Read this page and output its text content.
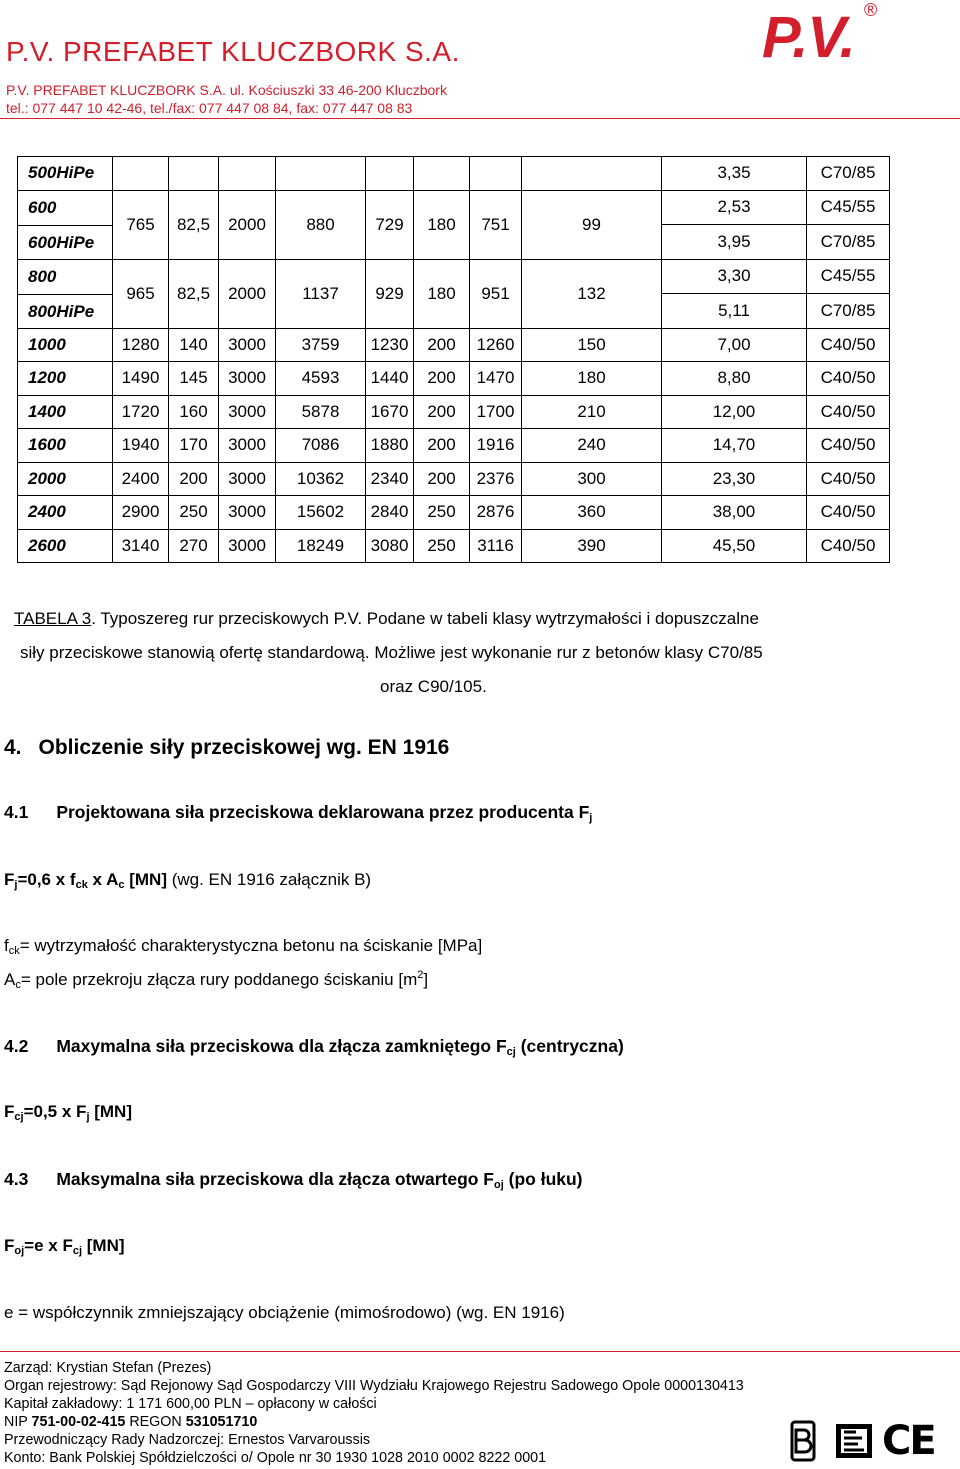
P.V. PREFABET KLUCZBORK S.A.
P.V. PREFABET KLUCZBORK S.A. ul. Kościuszki 33 46-200 Kluczbork
tel.: 077 447 10 42-46, tel./fax: 077 447 08 84, fax: 077 447 08 83
P.V. ®
500HiPe									3,35	C70/85

600
600HiPe	765	82,5	2000	880	729	180	751	99	2,53	C45/55
									3,95	C70/85

800
800HiPe	965	82,5	2000	1137	929	180	951	132	3,30	C45/55
									5,11	C70/85
1000	1280	140	3000	3759	1230	200	1260	150	7,00	C40/50
1200	1490	145	3000	4593	1440	200	1470	180	8,80	C40/50
1400	1720	160	3000	5878	1670	200	1700	210	12,00	C40/50
1600	1940	170	3000	7086	1880	200	1916	240	14,70	C40/50
2000	2400	200	3000	10362	2340	200	2376	300	23,30	C40/50
2400	2900	250	3000	15602	2840	250	2876	360	38,00	C40/50
2600	3140	270	3000	18249	3080	250	3116	390	45,50	C40/50
TABELA 3. Typoszereg rur przeciskowych P.V. Podane w tabeli klasy wytrzymałości i dopuszczalne
siły przeciskowe stanowią ofertę standardową. Możliwe jest wykonanie rur z betonów klasy C70/85
oraz C90/105.
4. Obliczenie siły przeciskowej wg. EN 1916
4.1 Projektowana siła przeciskowa deklarowana przez producenta $F_j$
$F_j=0,6$ x $f_{ck}$ x $A_c$ [MN] (wg. EN 1916 załącznik B)
$f_{ck}=$ wytrzymałość charakterystyczna betonu na ściskanie [MPa]
$A_c=$ pole przekroju złącza rury poddanego ściskaniu $[m^2]$
4.2 Maxymalna siła przeciskowa dla złącza zamkniętego $F_{cj}$ (centryczna)
$F_{cj}=0,5$ x $F_j$ [MN]
4.3 Maksymalna siła przeciskowa dla złącza otwartego $F_{oj}$ (po łuku)
$F_{oj}=e$ x $F_{cj}$ [MN]
e = współczynnik zmniejszający obciążenie (mimośrodowo) (wg. EN 1916)
Zarząd: Krystian Stefan (Prezes)
Organ rejestrowy: Sąd Rejonowy Sąd Gospodarczy VIII Wydziału Krajowego Rejestru Sadowego Opole 0000130413
Kapitał zakładowy: 1 171 600,00 PLN – opłacony w całości
NIP 751-00-02-415 REGON 531051710
Przewodniczący Rady Nadzorczej: Ernestos Varvaroussis
Konto: Bank Polskiej Spółdzielczości o/ Opole nr 30 1930 1028 2010 0002 8222 0001	CE
